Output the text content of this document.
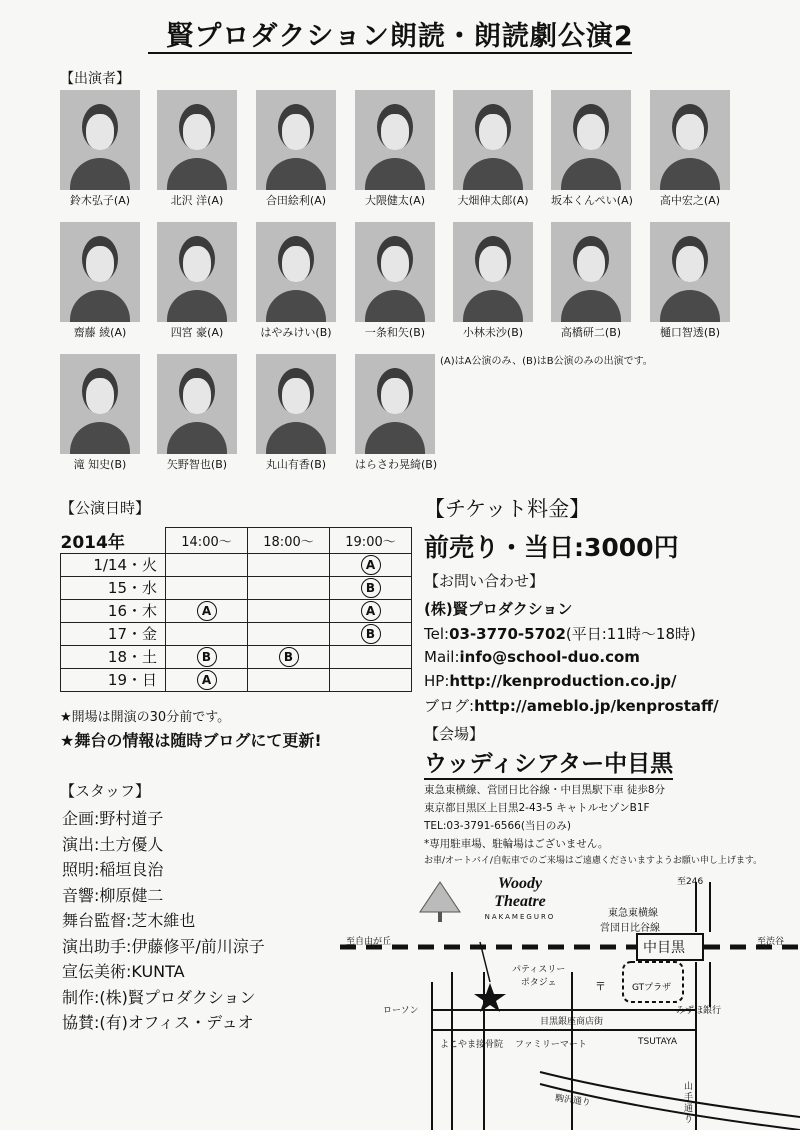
賢プロダクション朗読・朗読劇公演2
【出演者】
鈴木弘子(A)	北沢 洋(A)	合田絵利(A)	大隈健太(A)	大畑伸太郎(A)	坂本くんぺい(A)	高中宏之(A)
齋藤 綾(A)	四宮 豪(A)	はやみけい(B)	一条和矢(B)	小林未沙(B)	高橋研二(B)	樋口智透(B)
滝 知史(B)	矢野智也(B)	丸山有香(B)	はらさわ晃綺(B)
(A)はA公演のみ、(B)はB公演のみの出演です。
【公演日時】
2014年	14:00〜	18:00〜	19:00〜
1/14・火			A
15・水			B
16・木	A		A
17・金			B
18・土	B	B	
19・日	A		
★開場は開演の30分前です。
★舞台の情報は随時ブログにて更新!
【スタッフ】
企画:野村道子
演出:土方優人
照明:稲垣良治
音響:柳原健二
舞台監督:芝木維也
演出助手:伊藤修平/前川涼子
宣伝美術:KUNTA
制作:(株)賢プロダクション
協賛:(有)オフィス・デュオ
【チケット料金】
前売り・当日:3000円
【お問い合わせ】
(株)賢プロダクション
Tel:03-3770-5702(平日:11時〜18時)
Mail:info@school-duo.com
HP:http://kenproduction.co.jp/
ブログ:http://ameblo.jp/kenprostaff/
【会場】
ウッディシアター中目黒
東急東横線、営団日比谷線・中目黒駅下車 徒歩8分
東京都目黒区上目黒2-43-5 キャトルセゾンB1F
TEL:03-3791-6566(当日のみ)
*専用駐車場、駐輪場はございません。
お車/オートバイ/自転車でのご来場はご遠慮くださいますようお願い申し上げます。
〒
Woody
Theatre
NAKAMEGURO
至246
東急東横線
営団日比谷線
中目黒
至自由が丘	至渋谷
パティスリー
ポタジェ	GTプラザ
ローソン	みずほ銀行
目黒銀座商店街
よこやま接骨院 ファミリーマート	TSUTAYA
駒沢通り
山手通り
